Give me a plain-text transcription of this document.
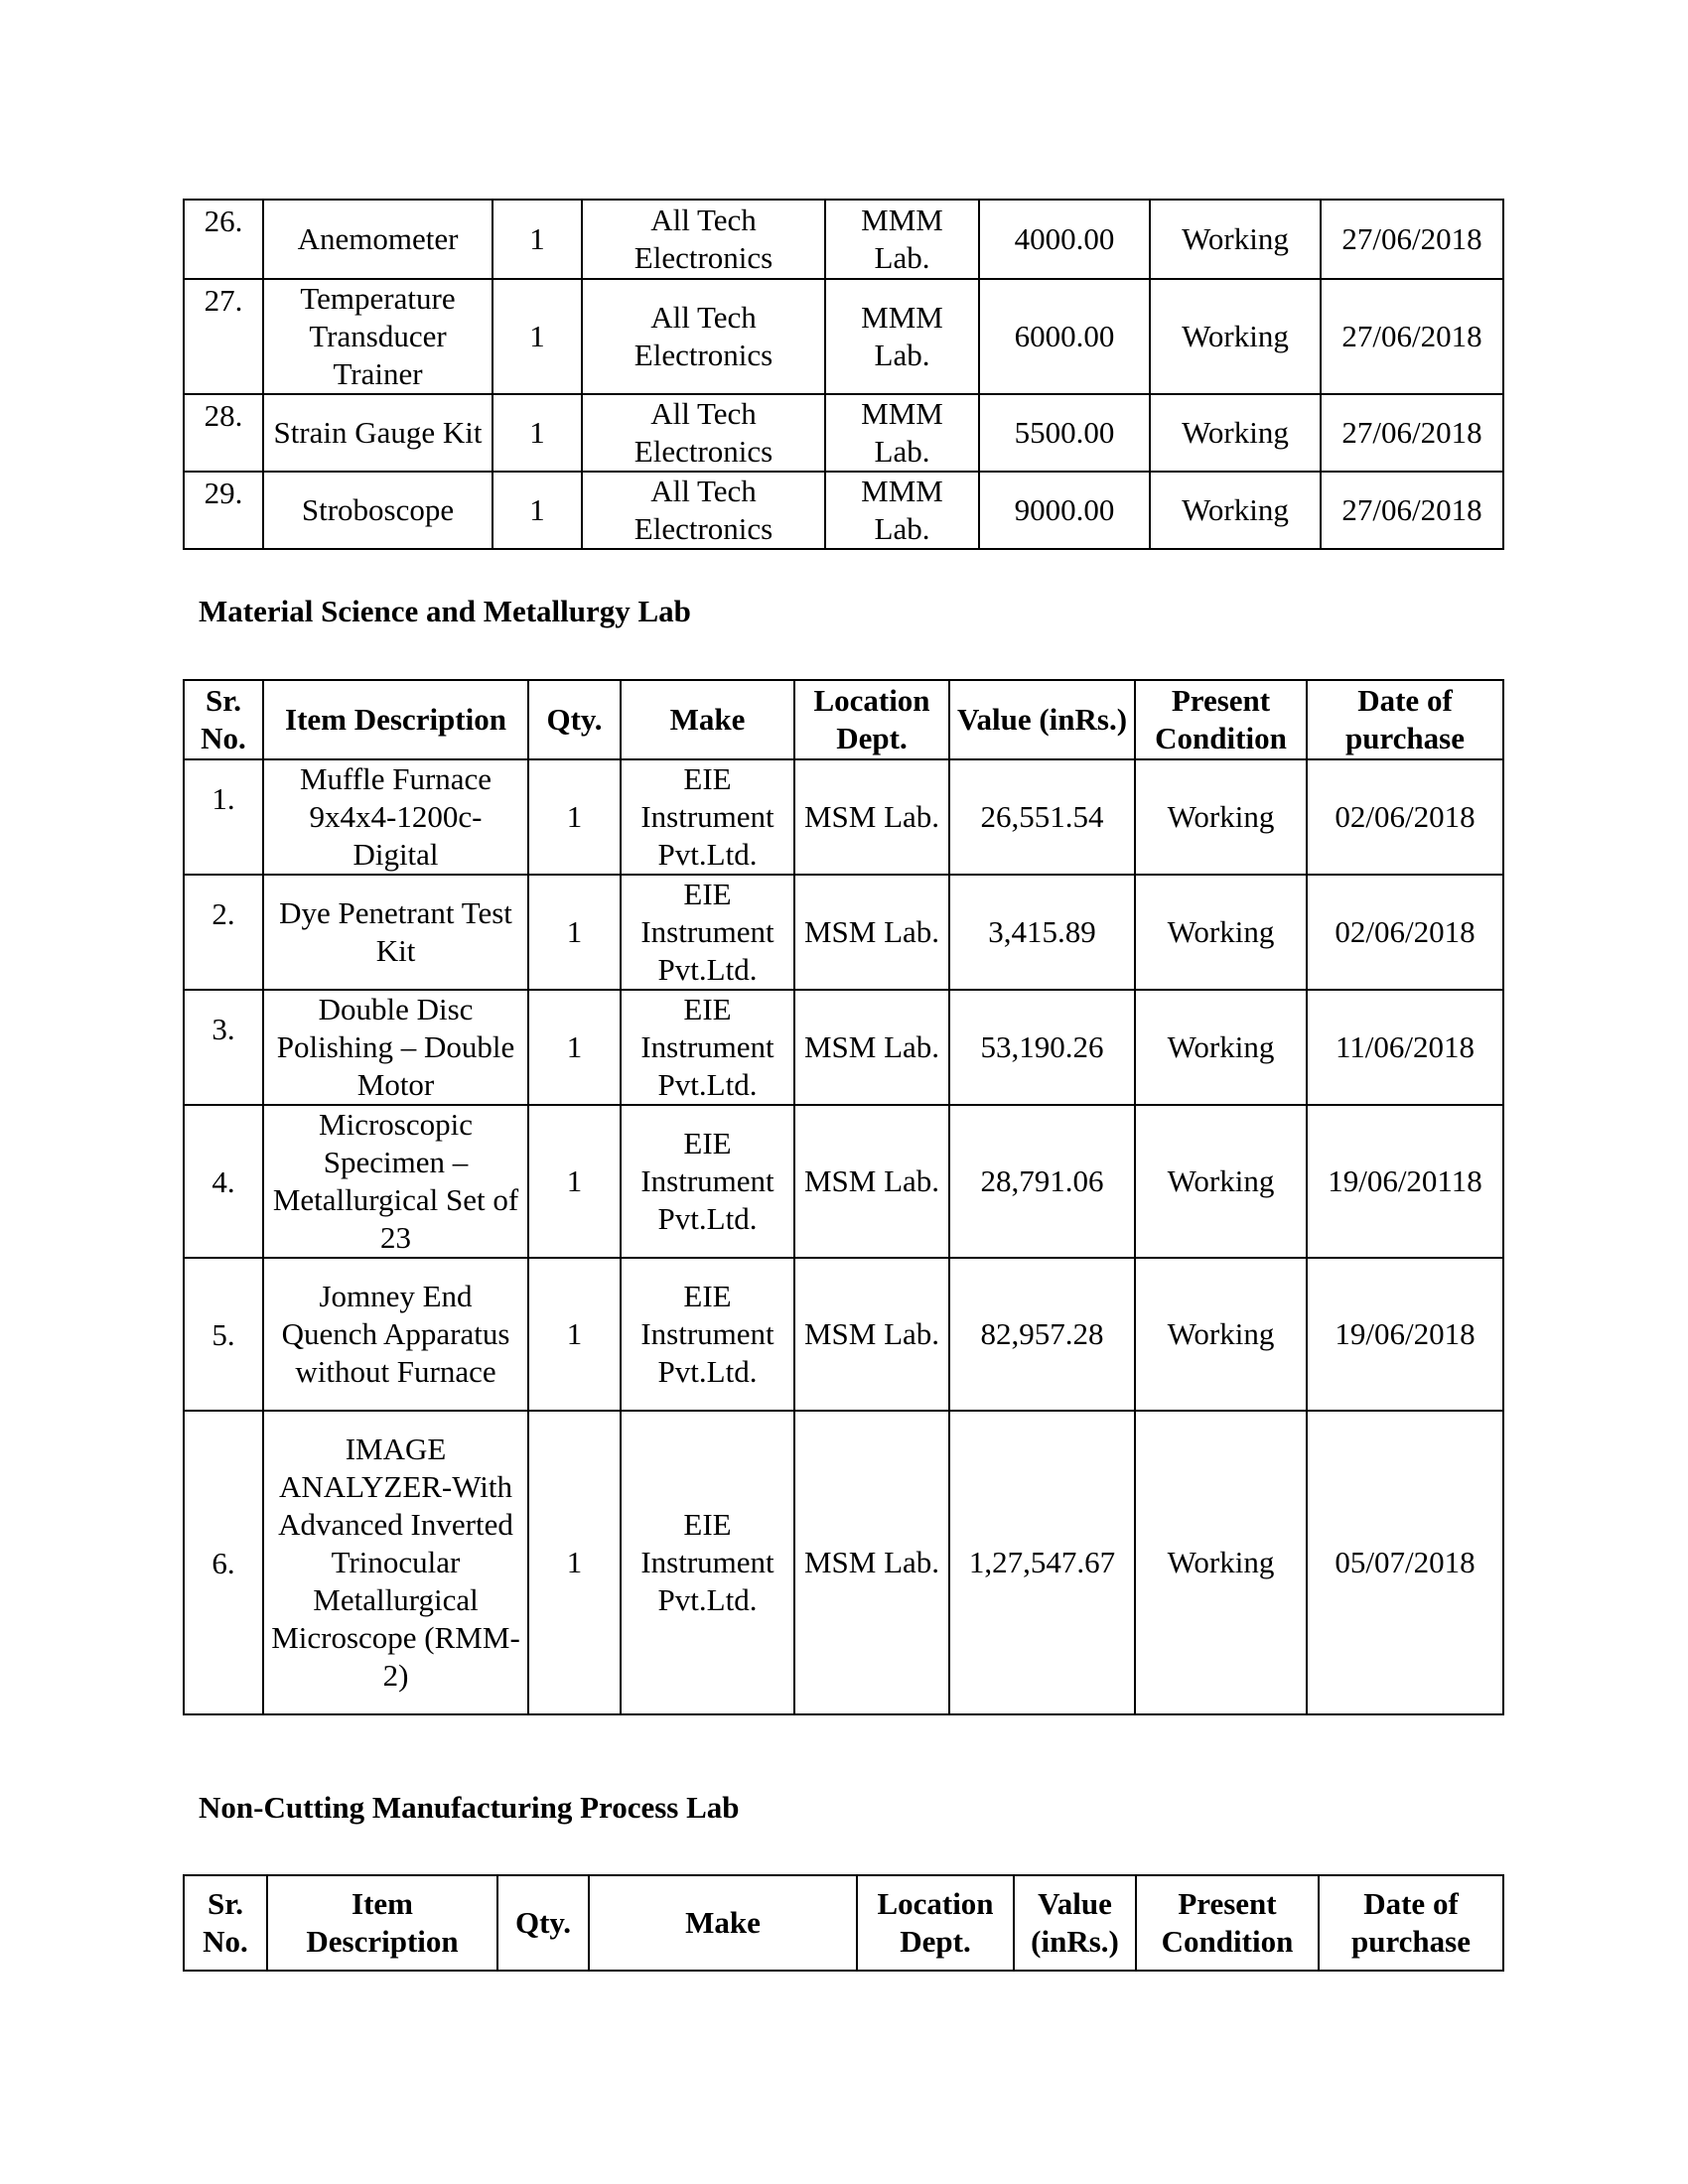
26.	Anemometer	1	All Tech Electronics	MMM Lab.	4000.00	Working	27/06/2018
27.	Temperature Transducer Trainer	1	All Tech Electronics	MMM Lab.	6000.00	Working	27/06/2018
28.	Strain Gauge Kit	1	All Tech Electronics	MMM Lab.	5500.00	Working	27/06/2018
29.	Stroboscope	1	All Tech Electronics	MMM Lab.	9000.00	Working	27/06/2018
Material Science and Metallurgy Lab
Sr. No.	Item Description	Qty.	Make	Location Dept.	Value (inRs.)	Present Condition	Date of purchase
1.	Muffle Furnace 9x4x4-1200c-Digital	1	EIE Instrument Pvt.Ltd.	MSM Lab.	26,551.54	Working	02/06/2018
2.	Dye Penetrant Test Kit	1	EIE Instrument Pvt.Ltd.	MSM Lab.	3,415.89	Working	02/06/2018
3.	Double Disc Polishing – Double Motor	1	EIE Instrument Pvt.Ltd.	MSM Lab.	53,190.26	Working	11/06/2018
4.	Microscopic Specimen – Metallurgical Set of 23	1	EIE Instrument Pvt.Ltd.	MSM Lab.	28,791.06	Working	19/06/20118
5.	Jomney End Quench Apparatus without Furnace	1	EIE Instrument Pvt.Ltd.	MSM Lab.	82,957.28	Working	19/06/2018
6.	IMAGE ANALYZER-With Advanced Inverted Trinocular Metallurgical Microscope (RMM-2)	1	EIE Instrument Pvt.Ltd.	MSM Lab.	1,27,547.67	Working	05/07/2018
Non-Cutting Manufacturing Process Lab
Sr. No.	Item Description	Qty.	Make	Location Dept.	Value (inRs.)	Present Condition	Date of purchase
